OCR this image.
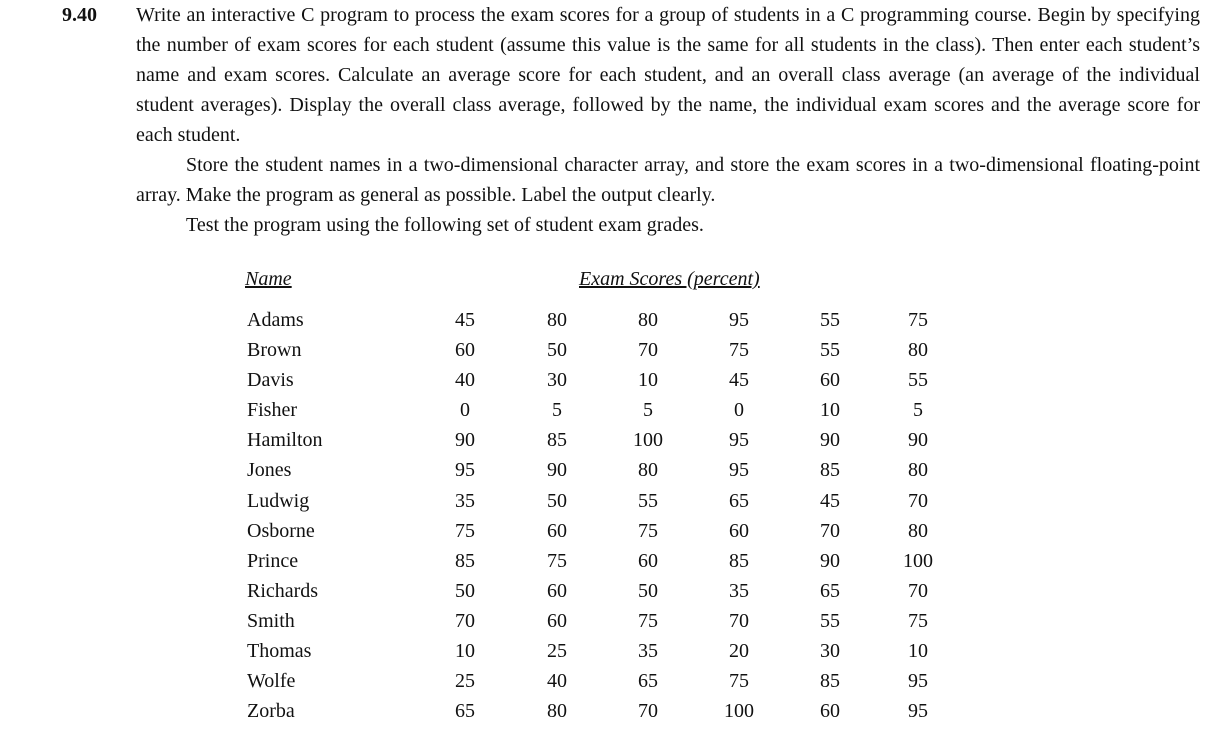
9.40 Write an interactive C program to process the exam scores for a group of students in a C programming course. Begin by specifying the number of exam scores for each student (assume this value is the same for all students in the class). Then enter each student’s name and exam scores. Calculate an average score for each student, and an overall class average (an average of the individual student averages). Display the overall class average, followed by the name, the individual exam scores and the average score for each student.

Store the student names in a two-dimensional character array, and store the exam scores in a two-dimensional floating-point array. Make the program as general as possible. Label the output clearly.

Test the program using the following set of student exam grades.

Name	Exam Scores (percent)
Adams	45	80	80	95	55	75
Brown	60	50	70	75	55	80
Davis	40	30	10	45	60	55
Fisher	0	5	5	0	10	5
Hamilton	90	85	100	95	90	90
Jones	95	90	80	95	85	80
Ludwig	35	50	55	65	45	70
Osborne	75	60	75	60	70	80
Prince	85	75	60	85	90	100
Richards	50	60	50	35	65	70
Smith	70	60	75	70	55	75
Thomas	10	25	35	20	30	10
Wolfe	25	40	65	75	85	95
Zorba	65	80	70	100	60	95
